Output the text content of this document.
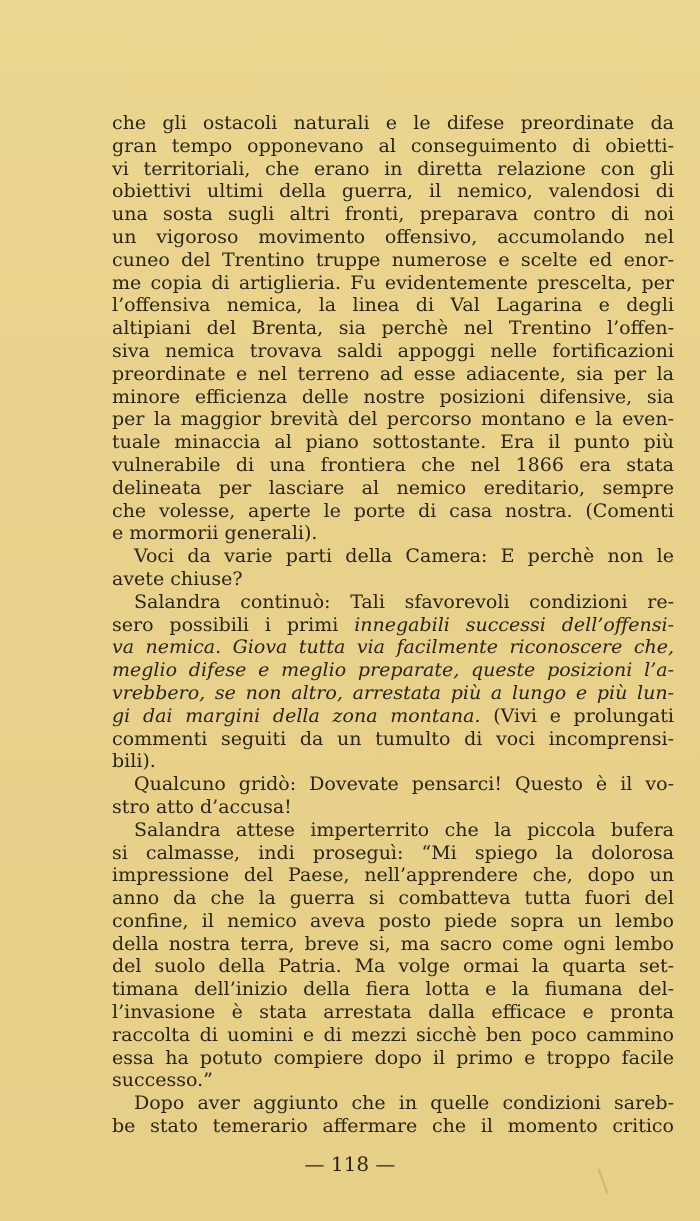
che gli ostacoli naturali e le difese preordinate da
gran tempo opponevano al conseguimento di obietti-
vi territoriali, che erano in diretta relazione con gli
obiettivi ultimi della guerra, il nemico, valendosi di
una sosta sugli altri fronti, preparava contro di noi
un vigoroso movimento offensivo, accumolando nel
cuneo del Trentino truppe numerose e scelte ed enor-
me copia di artiglieria. Fu evidentemente prescelta, per
l’offensiva nemica, la linea di Val Lagarina e degli
altipiani del Brenta, sia perchè nel Trentino l’offen-
siva nemica trovava saldi appoggi nelle fortificazioni
preordinate e nel terreno ad esse adiacente, sia per la
minore efficienza delle nostre posizioni difensive, sia
per la maggior brevità del percorso montano e la even-
tuale minaccia al piano sottostante. Era il punto più
vulnerabile di una frontiera che nel 1866 era stata
delineata per lasciare al nemico ereditario, sempre
che volesse, aperte le porte di casa nostra. (Comenti
e mormorii generali).
Voci da varie parti della Camera: E perchè non le
avete chiuse?
Salandra continuò: Tali sfavorevoli condizioni re-
sero possibili i primi innegabili successi dell’offensi-
va nemica. Giova tutta via facilmente riconoscere che,
meglio difese e meglio preparate, queste posizioni l’a-
vrebbero, se non altro, arrestata più a lungo e più lun-
gi dai margini della zona montana. (Vivi e prolungati
commenti seguiti da un tumulto di voci incomprensi-
bili).
Qualcuno gridò: Dovevate pensarci! Questo è il vo-
stro atto d’accusa!
Salandra attese imperterrito che la piccola bufera
si calmasse, indi proseguì: “Mi spiego la dolorosa
impressione del Paese, nell’apprendere che, dopo un
anno da che la guerra si combatteva tutta fuori del
confine, il nemico aveva posto piede sopra un lembo
della nostra terra, breve si, ma sacro come ogni lembo
del suolo della Patria. Ma volge ormai la quarta set-
timana dell’inizio della fiera lotta e la fiumana del-
l’invasione è stata arrestata dalla efficace e pronta
raccolta di uomini e di mezzi sicchè ben poco cammino
essa ha potuto compiere dopo il primo e troppo facile
successo.”
Dopo aver aggiunto che in quelle condizioni sareb-
be stato temerario affermare che il momento critico
— 118 —
